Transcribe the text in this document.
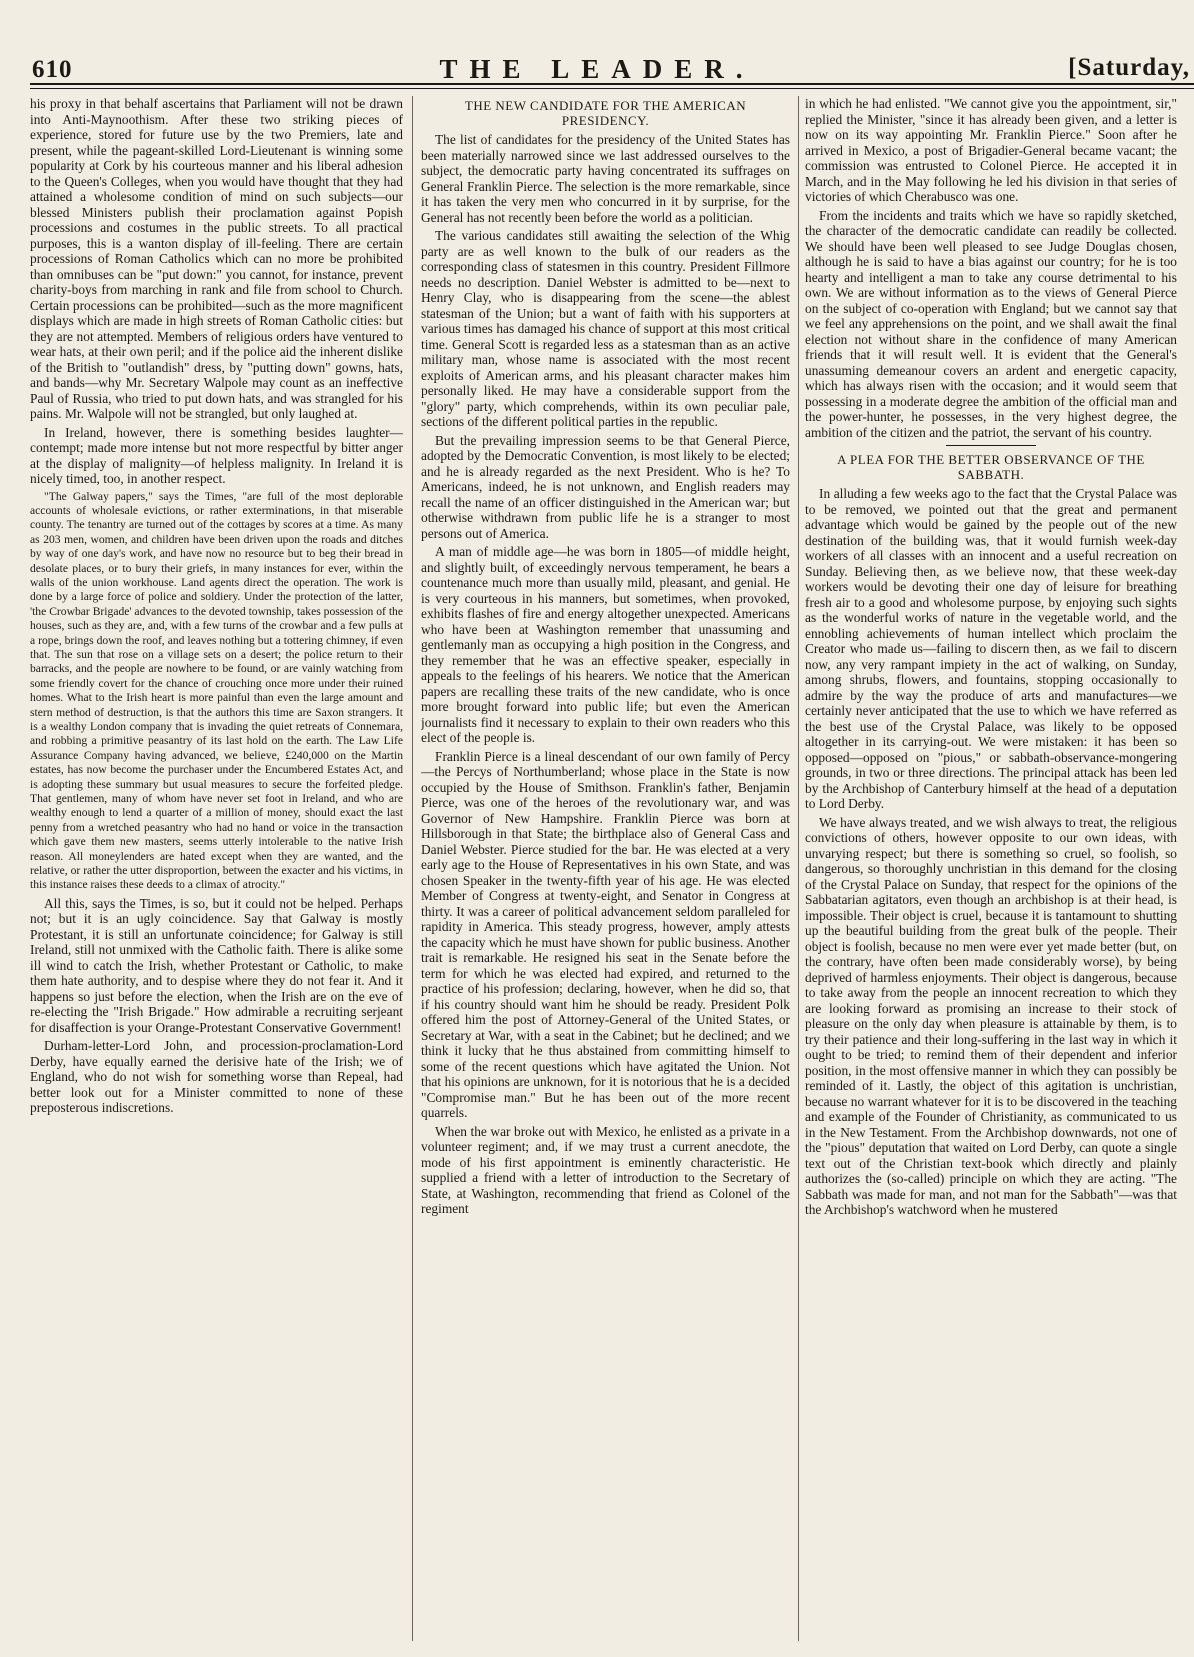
610	THE LEADER.	[Saturday,

his proxy in that behalf ascertains that Parliament will not be drawn into Anti-Maynoothism. After these two striking pieces of experience, stored for future use by the two Premiers, late and present, while the pageant-skilled Lord-Lieutenant is winning some popularity at Cork by his courteous manner and his liberal adhesion to the Queen's Colleges, when you would have thought that they had attained a wholesome condition of mind on such subjects—our blessed Ministers publish their proclamation against Popish processions and costumes in the public streets. To all practical purposes, this is a wanton display of ill-feeling. There are certain processions of Roman Catholics which can no more be prohibited than omnibuses can be "put down:" you cannot, for instance, prevent charity-boys from marching in rank and file from school to Church. Certain processions can be prohibited—such as the more magnificent displays which are made in high streets of Roman Catholic cities: but they are not attempted. Members of religious orders have ventured to wear hats, at their own peril; and if the police aid the inherent dislike of the British to "outlandish" dress, by "putting down" gowns, hats, and bands—why Mr. Secretary Walpole may count as an ineffective Paul of Russia, who tried to put down hats, and was strangled for his pains. Mr. Walpole will not be strangled, but only laughed at.

In Ireland, however, there is something besides laughter—contempt; made more intense but not more respectful by bitter anger at the display of malignity—of helpless malignity. In Ireland it is nicely timed, too, in another respect.

"The Galway papers," says the Times, "are full of the most deplorable accounts of wholesale evictions, or rather exterminations, in that miserable county. The tenantry are turned out of the cottages by scores at a time. As many as 203 men, women, and children have been driven upon the roads and ditches by way of one day's work, and have now no resource but to beg their bread in desolate places, or to bury their griefs, in many instances for ever, within the walls of the union workhouse. Land agents direct the operation. The work is done by a large force of police and soldiery. Under the protection of the latter, 'the Crowbar Brigade' advances to the devoted township, takes possession of the houses, such as they are, and, with a few turns of the crowbar and a few pulls at a rope, brings down the roof, and leaves nothing but a tottering chimney, if even that. The sun that rose on a village sets on a desert; the police return to their barracks, and the people are nowhere to be found, or are vainly watching from some friendly covert for the chance of crouching once more under their ruined homes. What to the Irish heart is more painful than even the large amount and stern method of destruction, is that the authors this time are Saxon strangers. It is a wealthy London company that is invading the quiet retreats of Connemara, and robbing a primitive peasantry of its last hold on the earth. The Law Life Assurance Company having advanced, we believe, £240,000 on the Martin estates, has now become the purchaser under the Encumbered Estates Act, and is adopting these summary but usual measures to secure the forfeited pledge. That gentlemen, many of whom have never set foot in Ireland, and who are wealthy enough to lend a quarter of a million of money, should exact the last penny from a wretched peasantry who had no hand or voice in the transaction which gave them new masters, seems utterly intolerable to the native Irish reason. All moneylenders are hated except when they are wanted, and the relative, or rather the utter disproportion, between the exacter and his victims, in this instance raises these deeds to a climax of atrocity."

All this, says the Times, is so, but it could not be helped. Perhaps not; but it is an ugly coincidence. Say that Galway is mostly Protestant, it is still an unfortunate coincidence; for Galway is still Ireland, still not unmixed with the Catholic faith. There is alike some ill wind to catch the Irish, whether Protestant or Catholic, to make them hate authority, and to despise where they do not fear it. And it happens so just before the election, when the Irish are on the eve of re-electing the "Irish Brigade." How admirable a recruiting serjeant for disaffection is your Orange-Protestant Conservative Government!

Durham-letter-Lord John, and procession-proclamation-Lord Derby, have equally earned the derisive hate of the Irish; we of England, who do not wish for something worse than Repeal, had better look out for a Minister committed to none of these preposterous indiscretions.

THE NEW CANDIDATE FOR THE AMERICAN PRESIDENCY.

The list of candidates for the presidency of the United States has been materially narrowed since we last addressed ourselves to the subject, the democratic party having concentrated its suffrages on General Franklin Pierce. The selection is the more remarkable, since it has taken the very men who concurred in it by surprise, for the General has not recently been before the world as a politician.

The various candidates still awaiting the selection of the Whig party are as well known to the bulk of our readers as the corresponding class of statesmen in this country. President Fillmore needs no description. Daniel Webster is admitted to be—next to Henry Clay, who is disappearing from the scene—the ablest statesman of the Union; but a want of faith with his supporters at various times has damaged his chance of support at this most critical time. General Scott is regarded less as a statesman than as an active military man, whose name is associated with the most recent exploits of American arms, and his pleasant character makes him personally liked. He may have a considerable support from the "glory" party, which comprehends, within its own peculiar pale, sections of the different political parties in the republic.

But the prevailing impression seems to be that General Pierce, adopted by the Democratic Convention, is most likely to be elected; and he is already regarded as the next President. Who is he? To Americans, indeed, he is not unknown, and English readers may recall the name of an officer distinguished in the American war; but otherwise withdrawn from public life he is a stranger to most persons out of America.

A man of middle age—he was born in 1805—of middle height, and slightly built, of exceedingly nervous temperament, he bears a countenance much more than usually mild, pleasant, and genial. He is very courteous in his manners, but sometimes, when provoked, exhibits flashes of fire and energy altogether unexpected. Americans who have been at Washington remember that unassuming and gentlemanly man as occupying a high position in the Congress, and they remember that he was an effective speaker, especially in appeals to the feelings of his hearers. We notice that the American papers are recalling these traits of the new candidate, who is once more brought forward into public life; but even the American journalists find it necessary to explain to their own readers who this elect of the people is.

Franklin Pierce is a lineal descendant of our own family of Percy—the Percys of Northumberland; whose place in the State is now occupied by the House of Smithson. Franklin's father, Benjamin Pierce, was one of the heroes of the revolutionary war, and was Governor of New Hampshire. Franklin Pierce was born at Hillsborough in that State; the birthplace also of General Cass and Daniel Webster. Pierce studied for the bar. He was elected at a very early age to the House of Representatives in his own State, and was chosen Speaker in the twenty-fifth year of his age. He was elected Member of Congress at twenty-eight, and Senator in Congress at thirty. It was a career of political advancement seldom paralleled for rapidity in America. This steady progress, however, amply attests the capacity which he must have shown for public business. Another trait is remarkable. He resigned his seat in the Senate before the term for which he was elected had expired, and returned to the practice of his profession; declaring, however, when he did so, that if his country should want him he should be ready. President Polk offered him the post of Attorney-General of the United States, or Secretary at War, with a seat in the Cabinet; but he declined; and we think it lucky that he thus abstained from committing himself to some of the recent questions which have agitated the Union. Not that his opinions are unknown, for it is notorious that he is a decided "Compromise man." But he has been out of the more recent quarrels.

When the war broke out with Mexico, he enlisted as a private in a volunteer regiment; and, if we may trust a current anecdote, the mode of his first appointment is eminently characteristic. He supplied a friend with a letter of introduction to the Secretary of State, at Washington, recommending that friend as Colonel of the regiment

in which he had enlisted. "We cannot give you the appointment, sir," replied the Minister, "since it has already been given, and a letter is now on its way appointing Mr. Franklin Pierce." Soon after he arrived in Mexico, a post of Brigadier-General became vacant; the commission was entrusted to Colonel Pierce. He accepted it in March, and in the May following he led his division in that series of victories of which Cherabusco was one.

From the incidents and traits which we have so rapidly sketched, the character of the democratic candidate can readily be collected. We should have been well pleased to see Judge Douglas chosen, although he is said to have a bias against our country; for he is too hearty and intelligent a man to take any course detrimental to his own. We are without information as to the views of General Pierce on the subject of co-operation with England; but we cannot say that we feel any apprehensions on the point, and we shall await the final election not without share in the confidence of many American friends that it will result well. It is evident that the General's unassuming demeanour covers an ardent and energetic capacity, which has always risen with the occasion; and it would seem that possessing in a moderate degree the ambition of the official man and the power-hunter, he possesses, in the very highest degree, the ambition of the citizen and the patriot, the servant of his country.

A PLEA FOR THE BETTER OBSERVANCE OF THE SABBATH.

In alluding a few weeks ago to the fact that the Crystal Palace was to be removed, we pointed out that the great and permanent advantage which would be gained by the people out of the new destination of the building was, that it would furnish week-day workers of all classes with an innocent and a useful recreation on Sunday. Believing then, as we believe now, that these week-day workers would be devoting their one day of leisure for breathing fresh air to a good and wholesome purpose, by enjoying such sights as the wonderful works of nature in the vegetable world, and the ennobling achievements of human intellect which proclaim the Creator who made us—failing to discern then, as we fail to discern now, any very rampant impiety in the act of walking, on Sunday, among shrubs, flowers, and fountains, stopping occasionally to admire by the way the produce of arts and manufactures—we certainly never anticipated that the use to which we have referred as the best use of the Crystal Palace, was likely to be opposed altogether in its carrying-out. We were mistaken: it has been so opposed—opposed on "pious," or sabbath-observance-mongering grounds, in two or three directions. The principal attack has been led by the Archbishop of Canterbury himself at the head of a deputation to Lord Derby.

We have always treated, and we wish always to treat, the religious convictions of others, however opposite to our own ideas, with unvarying respect; but there is something so cruel, so foolish, so dangerous, so thoroughly unchristian in this demand for the closing of the Crystal Palace on Sunday, that respect for the opinions of the Sabbatarian agitators, even though an archbishop is at their head, is impossible. Their object is cruel, because it is tantamount to shutting up the beautiful building from the great bulk of the people. Their object is foolish, because no men were ever yet made better (but, on the contrary, have often been made considerably worse), by being deprived of harmless enjoyments. Their object is dangerous, because to take away from the people an innocent recreation to which they are looking forward as promising an increase to their stock of pleasure on the only day when pleasure is attainable by them, is to try their patience and their long-suffering in the last way in which it ought to be tried; to remind them of their dependent and inferior position, in the most offensive manner in which they can possibly be reminded of it. Lastly, the object of this agitation is unchristian, because no warrant whatever for it is to be discovered in the teaching and example of the Founder of Christianity, as communicated to us in the New Testament. From the Archbishop downwards, not one of the "pious" deputation that waited on Lord Derby, can quote a single text out of the Christian text-book which directly and plainly authorizes the (so-called) principle on which they are acting. "The Sabbath was made for man, and not man for the Sabbath"—was that the Archbishop's watchword when he mustered
